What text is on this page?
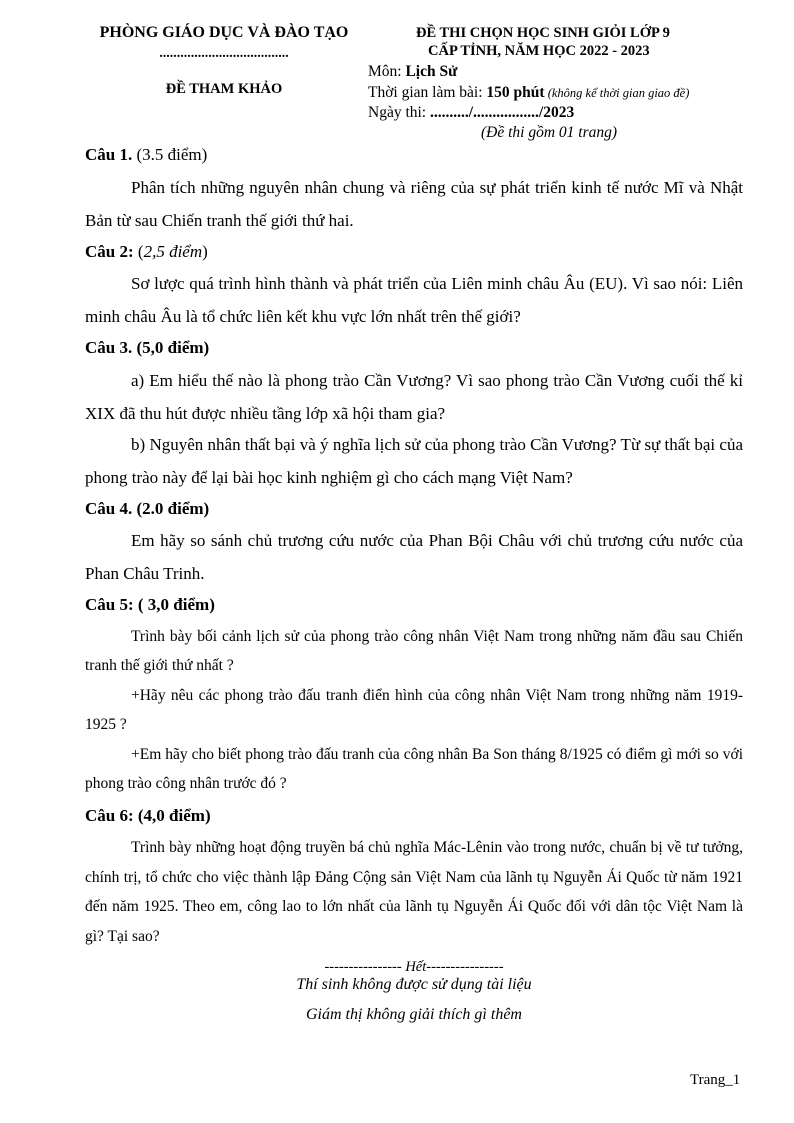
PHÒNG GIÁO DỤC VÀ ĐÀO TẠO
.....................................
ĐỀ THAM KHẢO
ĐỀ THI CHỌN HỌC SINH GIỎI LỚP 9
CẤP TỈNH, NĂM HỌC 2022 - 2023
Môn: Lịch Sử
Thời gian làm bài: 150 phút (không kể thời gian giao đề)
Ngày thi: ........../................./2023
(Đề thi gồm 01 trang)
Câu 1. (3.5 điểm)
Phân tích những nguyên nhân chung và riêng của sự phát triển kinh tế nước Mĩ và Nhật Bản từ sau Chiến tranh thế giới thứ hai.
Câu 2: (2,5 điểm)
Sơ lược quá trình hình thành và phát triển của Liên minh châu Âu (EU). Vì sao nói: Liên minh châu Âu là tổ chức liên kết khu vực lớn nhất trên thế giới?
Câu 3. (5,0 điểm)
a) Em hiểu thế nào là phong trào Cần Vương? Vì sao phong trào Cần Vương cuối thế kỉ XIX đã thu hút được nhiều tầng lớp xã hội tham gia?
b) Nguyên nhân thất bại và ý nghĩa lịch sử của phong trào Cần Vương? Từ sự thất bại của phong trào này để lại bài học kinh nghiệm gì cho cách mạng Việt Nam?
Câu 4. (2.0 điểm)
Em hãy so sánh chủ trương cứu nước của Phan Bội Châu với chủ trương cứu nước của Phan Châu Trinh.
Câu 5: ( 3,0 điểm)
Trình bày bối cảnh lịch sử của phong trào công nhân Việt Nam trong những năm đầu sau Chiến tranh thế giới thứ nhất ?
+Hãy nêu các phong trào đấu tranh điển hình của công nhân Việt Nam trong những năm 1919-1925 ?
+Em hãy cho biết phong trào đấu tranh của công nhân Ba Son tháng 8/1925 có điểm gì mới so với phong trào công nhân trước đó ?
Câu 6: (4,0 điểm)
Trình bày những hoạt động truyền bá chủ nghĩa Mác-Lênin vào trong nước, chuẩn bị về tư tưởng, chính trị, tổ chức cho việc thành lập Đảng Cộng sản Việt Nam của lãnh tụ Nguyễn Ái Quốc từ năm 1921 đến năm 1925. Theo em, công lao to lớn nhất của lãnh tụ Nguyễn Ái Quốc đối với dân tộc Việt Nam là gì? Tại sao?
---------------- Hết----------------
Thí sinh không được sử dụng tài liệu
Giám thị không giải thích gì thêm
Trang_1
